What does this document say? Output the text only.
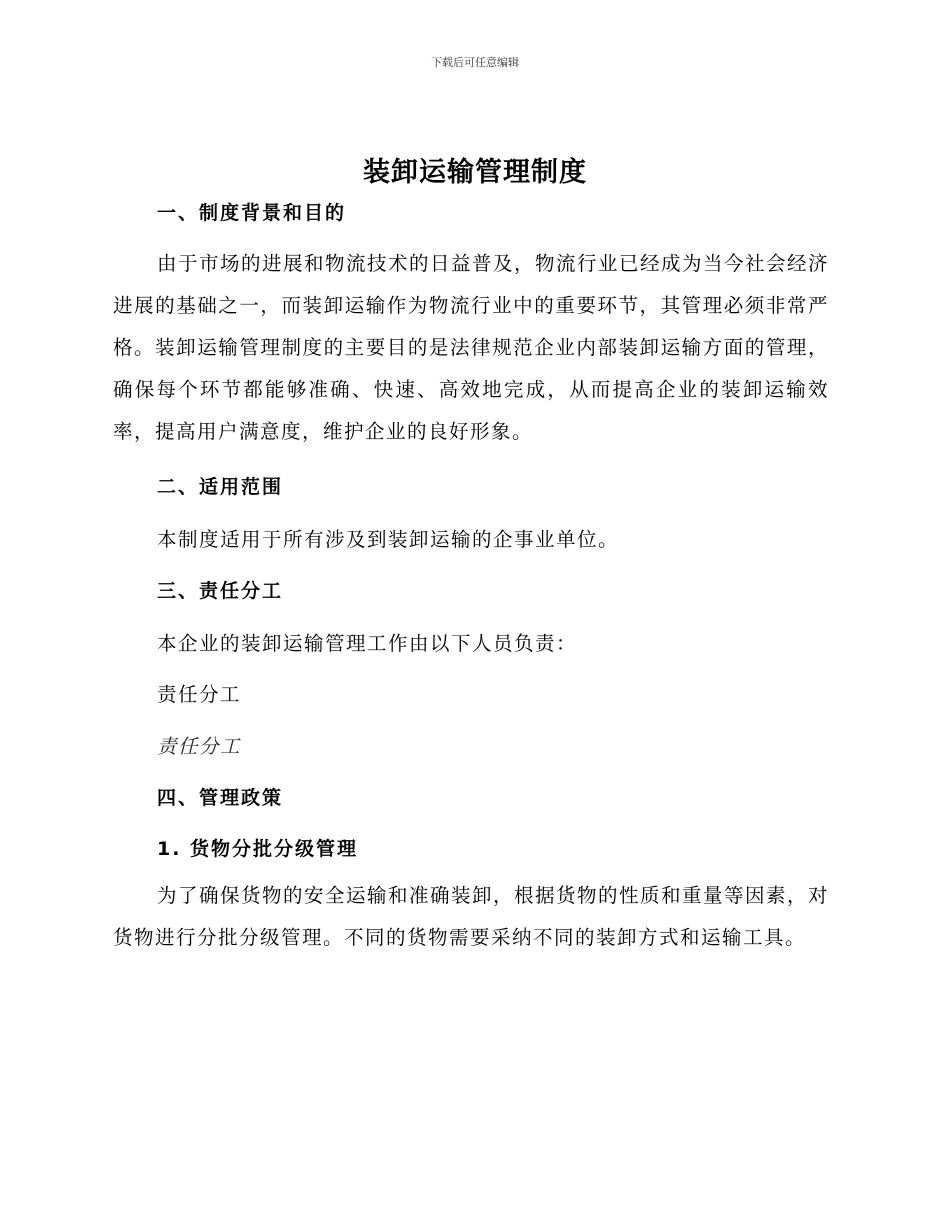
下载后可任意编辑
装卸运输管理制度
一、制度背景和目的
由于市场的进展和物流技术的日益普及，物流行业已经成为当今社会经济进展的基础之一，而装卸运输作为物流行业中的重要环节，其管理必须非常严格。装卸运输管理制度的主要目的是法律规范企业内部装卸运输方面的管理，确保每个环节都能够准确、快速、高效地完成，从而提高企业的装卸运输效率，提高用户满意度，维护企业的良好形象。
二、适用范围
本制度适用于所有涉及到装卸运输的企事业单位。
三、责任分工
本企业的装卸运输管理工作由以下人员负责：
责任分工
责任分工
四、管理政策
1. 货物分批分级管理
为了确保货物的安全运输和准确装卸，根据货物的性质和重量等因素，对货物进行分批分级管理。不同的货物需要采纳不同的装卸方式和运输工具。
